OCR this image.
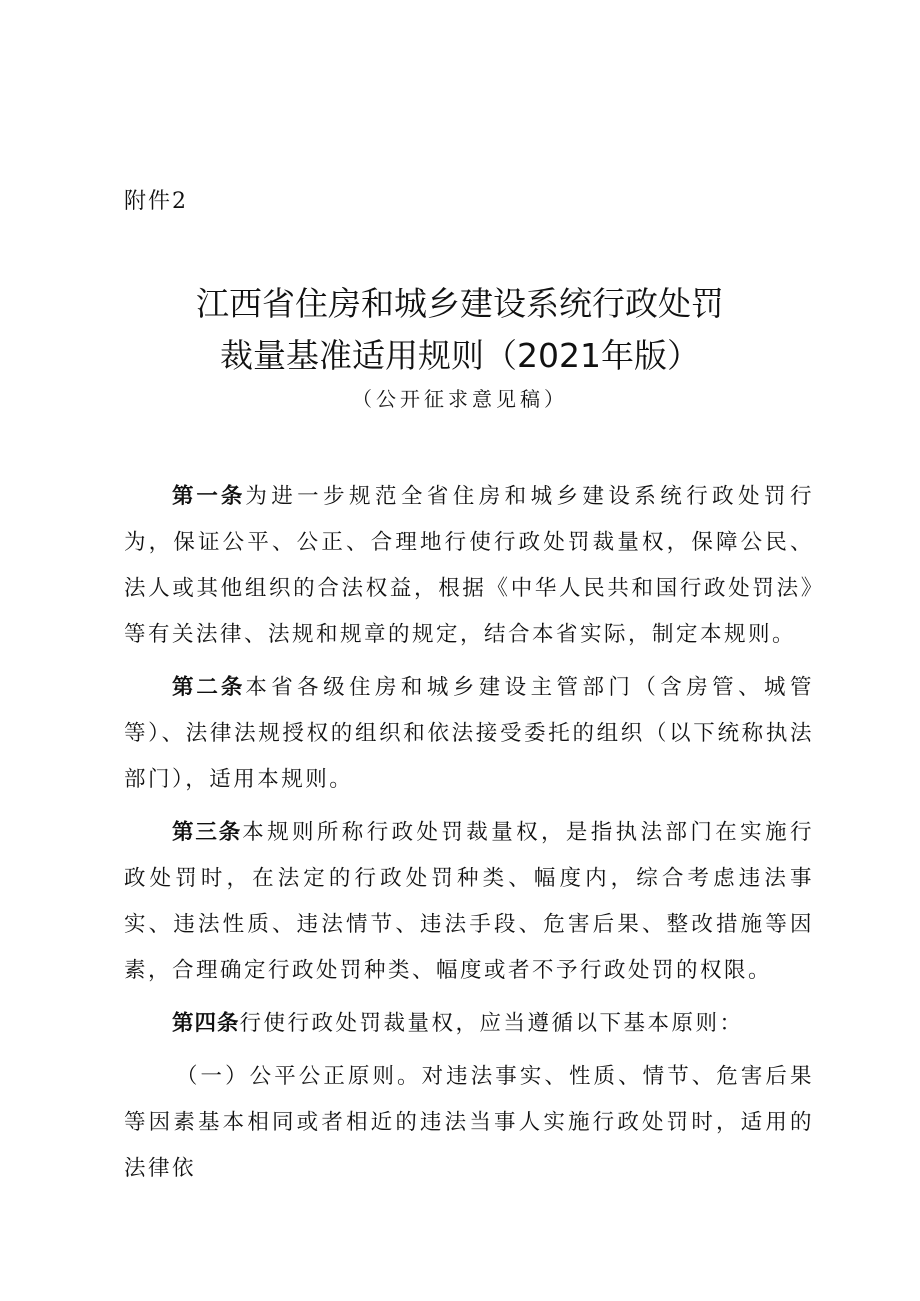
附件2

江西省住房和城乡建设系统行政处罚
裁量基准适用规则（2021年版）

（公开征求意见稿）

第一条为进一步规范全省住房和城乡建设系统行政处罚行为，保证公平、公正、合理地行使行政处罚裁量权，保障公民、法人或其他组织的合法权益，根据《中华人民共和国行政处罚法》等有关法律、法规和规章的规定，结合本省实际，制定本规则。

第二条本省各级住房和城乡建设主管部门（含房管、城管等）、法律法规授权的组织和依法接受委托的组织（以下统称执法部门），适用本规则。

第三条本规则所称行政处罚裁量权，是指执法部门在实施行政处罚时，在法定的行政处罚种类、幅度内，综合考虑违法事实、违法性质、违法情节、违法手段、危害后果、整改措施等因素，合理确定行政处罚种类、幅度或者不予行政处罚的权限。

第四条行使行政处罚裁量权，应当遵循以下基本原则：

（一）公平公正原则。对违法事实、性质、情节、危害后果等因素基本相同或者相近的违法当事人实施行政处罚时，适用的法律依
